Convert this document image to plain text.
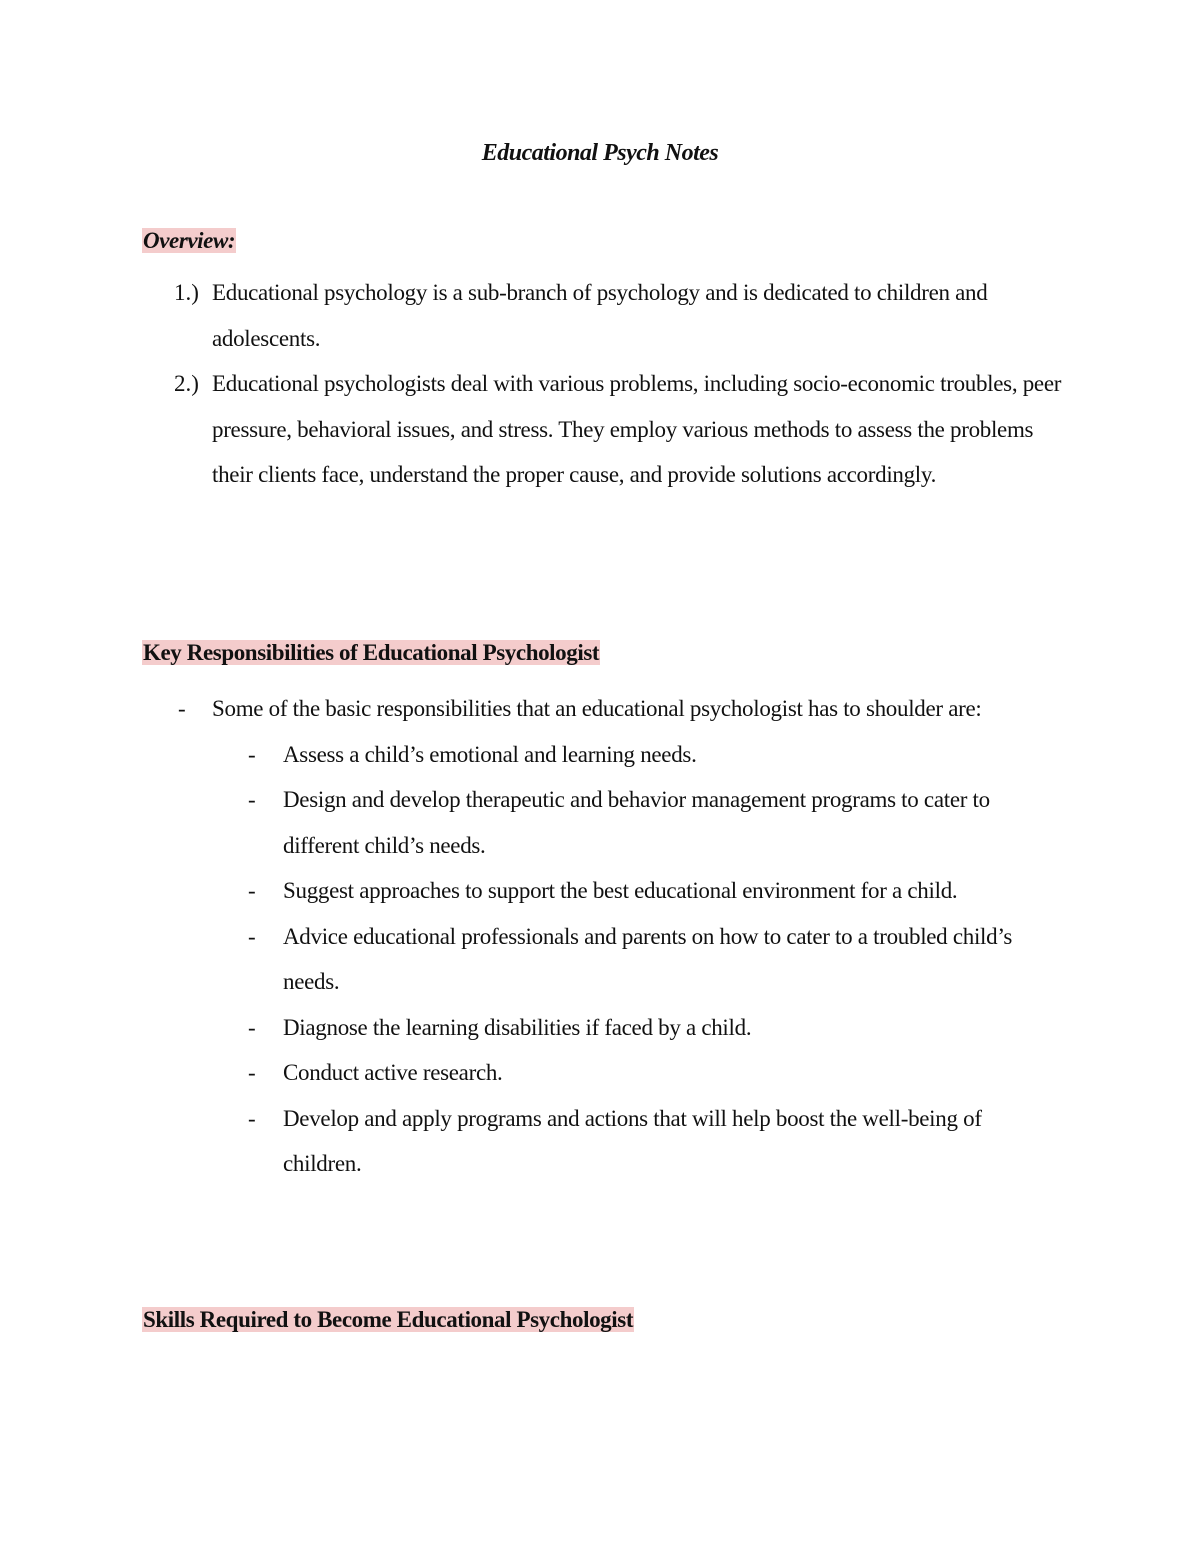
Educational Psych Notes
Overview:
1.) Educational psychology is a sub-branch of psychology and is dedicated to children and adolescents.
2.) Educational psychologists deal with various problems, including socio-economic troubles, peer pressure, behavioral issues, and stress. They employ various methods to assess the problems their clients face, understand the proper cause, and provide solutions accordingly.
Key Responsibilities of Educational Psychologist
- Some of the basic responsibilities that an educational psychologist has to shoulder are:
- Assess a child’s emotional and learning needs.
- Design and develop therapeutic and behavior management programs to cater to different child’s needs.
- Suggest approaches to support the best educational environment for a child.
- Advice educational professionals and parents on how to cater to a troubled child’s needs.
- Diagnose the learning disabilities if faced by a child.
- Conduct active research.
- Develop and apply programs and actions that will help boost the well-being of children.
Skills Required to Become Educational Psychologist
